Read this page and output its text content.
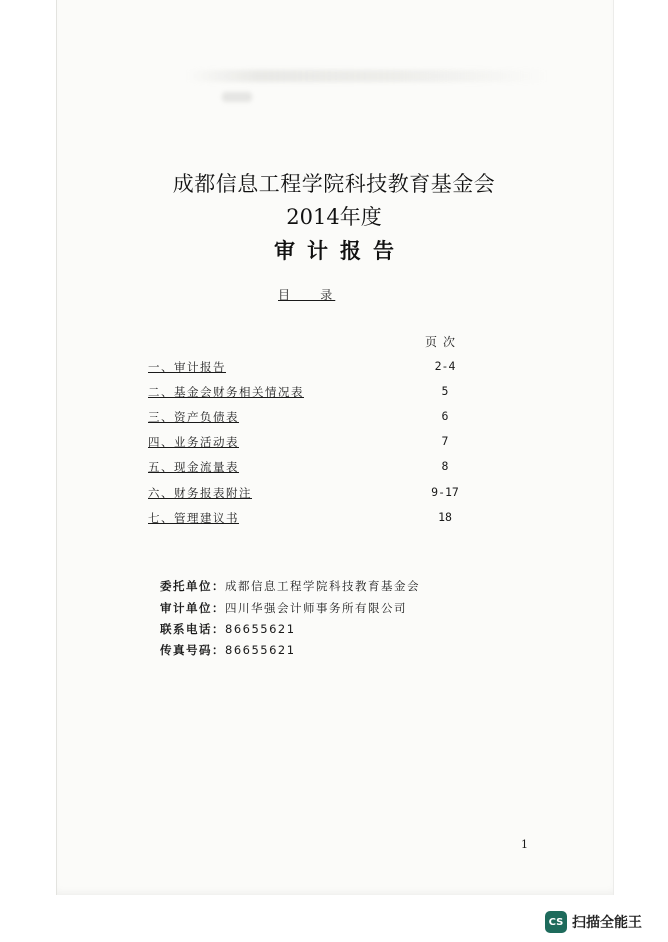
成都信息工程学院科技教育基金会
2014年度
审计报告
目    录
页次
一、审计报告	2-4
二、基金会财务相关情况表	5
三、资产负债表	6
四、业务活动表	7
五、现金流量表	8
六、财务报表附注	9-17
七、管理建议书	18
委托单位：成都信息工程学院科技教育基金会
审计单位：四川华强会计师事务所有限公司
联系电话：86655621
传真号码：86655621
1
CS 扫描全能王
